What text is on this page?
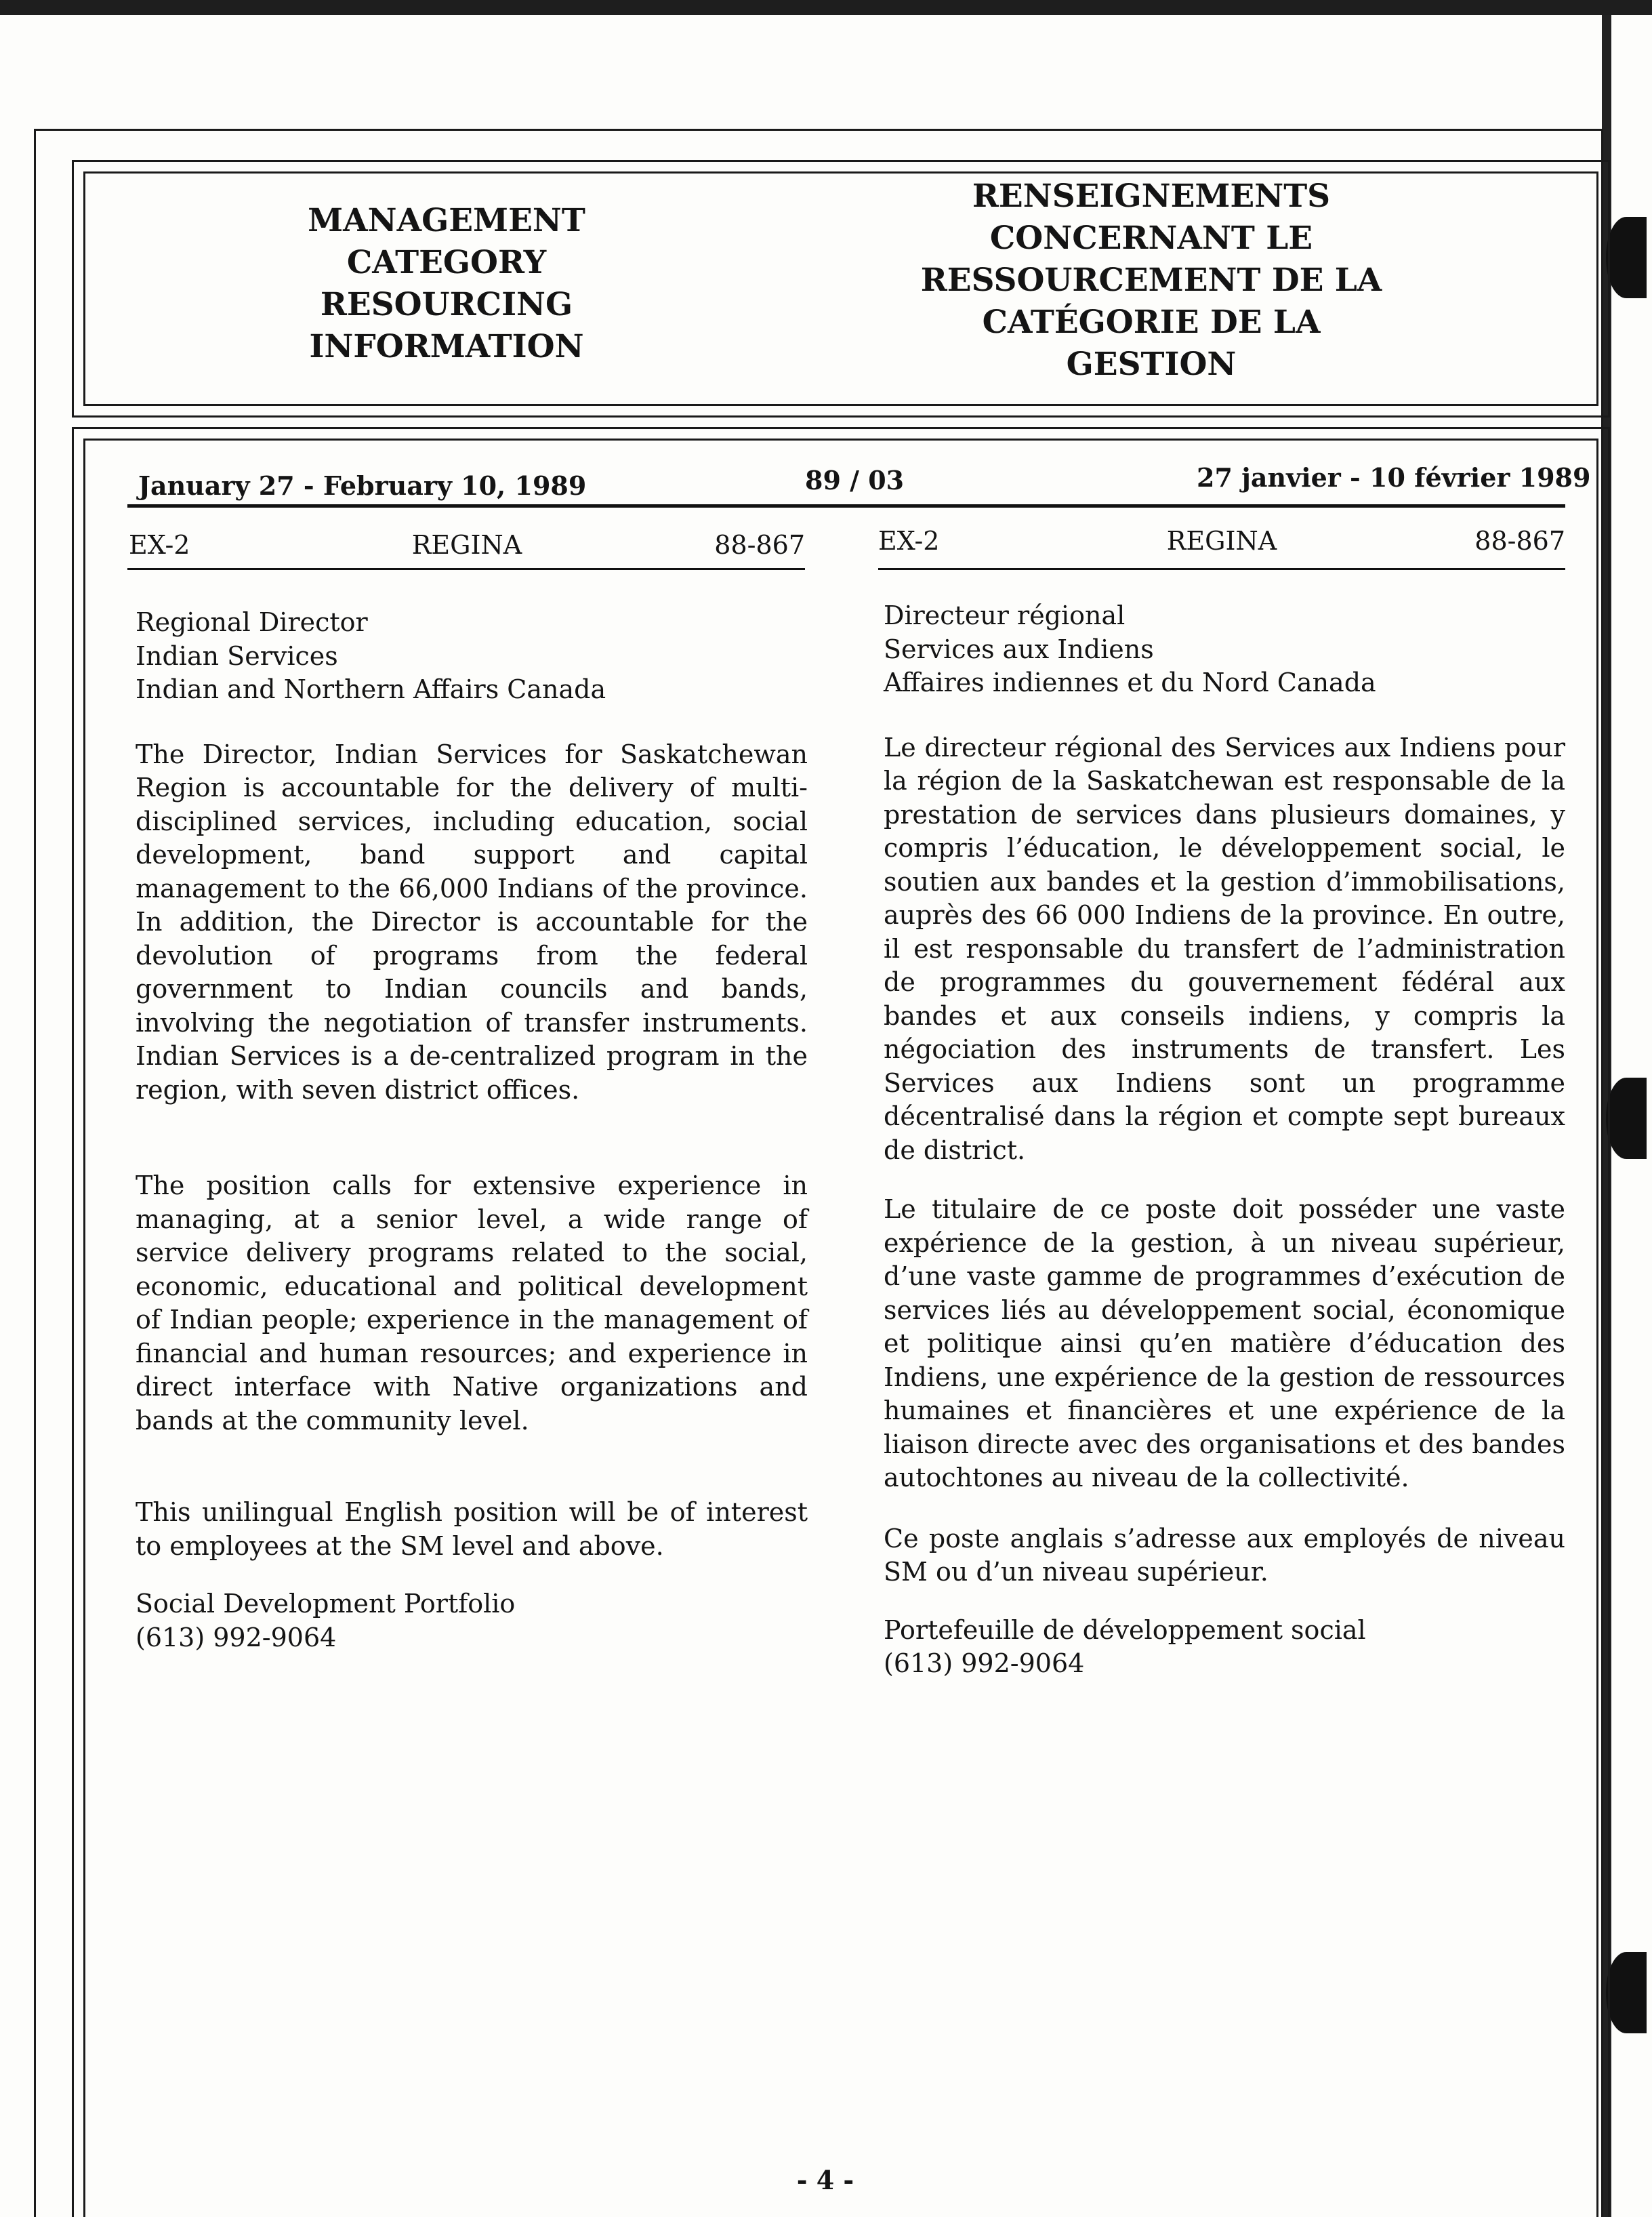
MANAGEMENT CATEGORY RESOURCING INFORMATION
RENSEIGNEMENTS CONCERNANT LE RESSOURCEMENT DE LA CATÉGORIE DE LA GESTION
January 27 - February 10, 1989	89 / 03	27 janvier - 10 février 1989
EX-2	REGINA	88-867	EX-2	REGINA	88-867

Regional Director
Indian Services
Indian and Northern Affairs Canada

The Director, Indian Services for Saskatchewan Region is accountable for the delivery of multi-disciplined services, including education, social development, band support and capital management to the 66,000 Indians of the province. In addition, the Director is accountable for the devolution of programs from the federal government to Indian councils and bands, involving the negotiation of transfer instruments. Indian Services is a de-centralized program in the region, with seven district offices.

The position calls for extensive experience in managing, at a senior level, a wide range of service delivery programs related to the social, economic, educational and political development of Indian people; experience in the management of financial and human resources; and experience in direct interface with Native organizations and bands at the community level.

This unilingual English position will be of interest to employees at the SM level and above.

Social Development Portfolio
(613) 992-9064

Directeur régional
Services aux Indiens
Affaires indiennes et du Nord Canada

Le directeur régional des Services aux Indiens pour la région de la Saskatchewan est responsable de la prestation de services dans plusieurs domaines, y compris l’éducation, le développement social, le soutien aux bandes et la gestion d’immobilisations, auprès des 66 000 Indiens de la province. En outre, il est responsable du transfert de l’administration de programmes du gouvernement fédéral aux bandes et aux conseils indiens, y compris la négociation des instruments de transfert. Les Services aux Indiens sont un programme décentralisé dans la région et compte sept bureaux de district.

Le titulaire de ce poste doit posséder une vaste expérience de la gestion, à un niveau supérieur, d’une vaste gamme de programmes d’exécution de services liés au développement social, économique et politique ainsi qu’en matière d’éducation des Indiens, une expérience de la gestion de ressources humaines et financières et une expérience de la liaison directe avec des organisations et des bandes autochtones au niveau de la collectivité.

Ce poste anglais s’adresse aux employés de niveau SM ou d’un niveau supérieur.

Portefeuille de développement social
(613) 992-9064

- 4 -
